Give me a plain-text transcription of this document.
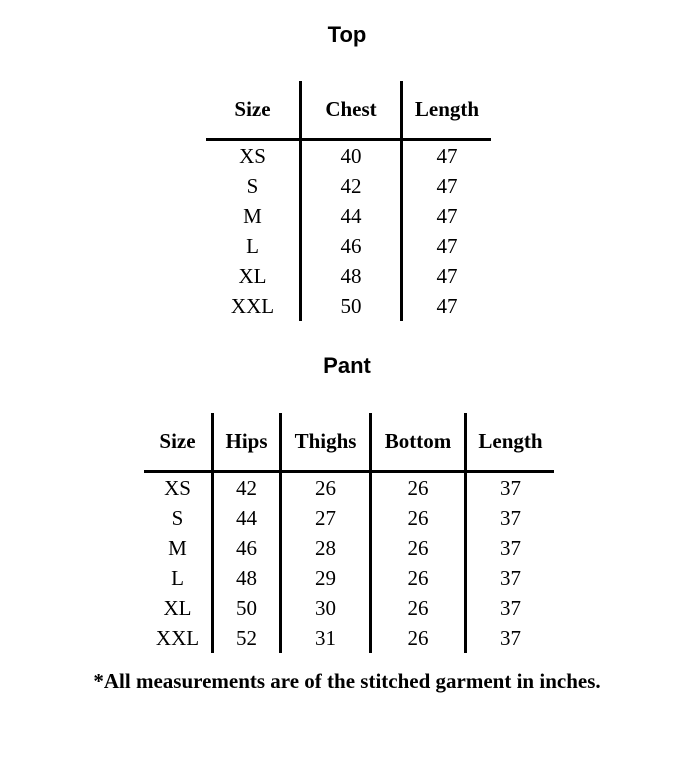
Top
Size	Chest	Length
XS	40	47
S	42	47
M	44	47
L	46	47
XL	48	47
XXL	50	47
Pant
Size	Hips	Thighs	Bottom	Length
XS	42	26	26	37
S	44	27	26	37
M	46	28	26	37
L	48	29	26	37
XL	50	30	26	37
XXL	52	31	26	37
*All measurements are of the stitched garment in inches.
